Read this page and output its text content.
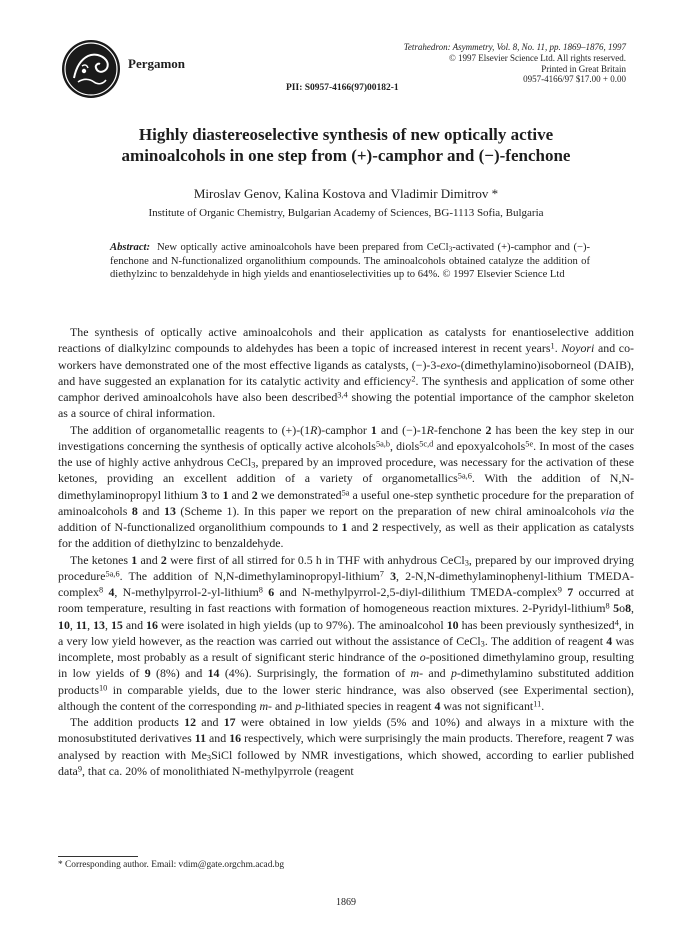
Pergamon
PII: S0957-4166(97)00182-1
Tetrahedron: Asymmetry, Vol. 8, No. 11, pp. 1869–1876, 1997
© 1997 Elsevier Science Ltd. All rights reserved.
Printed in Great Britain
0957-4166/97 $17.00 + 0.00
Highly diastereoselective synthesis of new optically active
aminoalcohols in one step from (+)-camphor and (−)-fenchone
Miroslav Genov, Kalina Kostova and Vladimir Dimitrov *
Institute of Organic Chemistry, Bulgarian Academy of Sciences, BG-1113 Sofia, Bulgaria
Abstract: New optically active aminoalcohols have been prepared from CeCl$_3$-activated (+)-camphor and (−)-fenchone and N-functionalized organolithium compounds. The aminoalcohols obtained catalyze the addition of diethylzinc to benzaldehyde in high yields and enantioselectivities up to 64%. © 1997 Elsevier Science Ltd

The synthesis of optically active aminoalcohols and their application as catalysts for enantioselective addition reactions of dialkylzinc compounds to aldehydes has been a topic of increased interest in recent years$^1$. Noyori and co-workers have demonstrated one of the most effective ligands as catalysts, (−)-3-exo-(dimethylamino)isoborneol (DAIB), and have suggested an explanation for its catalytic activity and efficiency$^2$. The synthesis and application of some other camphor derived aminoalcohols have also been described$^{3,4}$ showing the potential importance of the camphor skeleton as a source of chiral information.

The addition of organometallic reagents to (+)-(1R)-camphor 1 and (−)-1R-fenchone 2 has been the key step in our investigations concerning the synthesis of optically active alcohols$^{5a,b}$, diols$^{5c,d}$ and epoxyalcohols$^{5e}$. In most of the cases the use of highly active anhydrous CeCl$_3$, prepared by an improved procedure, was necessary for the activation of these ketones, providing an excellent addition of a variety of organometallics$^{5a,6}$. With the addition of N,N-dimethylaminopropyl lithium 3 to 1 and 2 we demonstrated$^{5a}$ a useful one-step synthetic procedure for the preparation of aminoalcohols 8 and 13 (Scheme 1). In this paper we report on the preparation of new chiral aminoalcohols via the addition of N-functionalized organolithium compounds to 1 and 2 respectively, as well as their application as catalysts for the addition of diethylzinc to benzaldehyde.

The ketones 1 and 2 were first of all stirred for 0.5 h in THF with anhydrous CeCl$_3$, prepared by our improved drying procedure$^{5a,6}$. The addition of N,N-dimethylaminopropyl-lithium$^7$ 3, 2-N,N-dimethylaminophenyl-lithium TMEDA-complex$^8$ 4, N-methylpyrrol-2-yl-lithium$^8$ 6 and N-methylpyrrol-2,5-diyl-dilithium TMEDA-complex$^9$ 7 occurred at room temperature, resulting in fast reactions with formation of homogeneous reaction mixtures. 2-Pyridyl-lithium$^8$ 5o8, 10, 11, 13, 15 and 16 were isolated in high yields (up to 97%). The aminoalcohol 10 has been previously synthesized$^4$, in a very low yield however, as the reaction was carried out without the assistance of CeCl$_3$. The addition of reagent 4 was incomplete, most probably as a result of significant steric hindrance of the o-positioned dimethylamino group, resulting in low yields of 9 (8%) and 14 (4%). Surprisingly, the formation of m- and p-dimethylamino substituted addition products$^{10}$ in comparable yields, due to the lower steric hindrance, was also observed (see Experimental section), although the content of the corresponding m- and p-lithiated species in reagent 4 was not significant$^{11}$.

The addition products 12 and 17 were obtained in low yields (5% and 10%) and always in a mixture with the monosubstituted derivatives 11 and 16 respectively, which were surprisingly the main products. Therefore, reagent 7 was analysed by reaction with $Me_3SiCl$ followed by NMR investigations, which showed, according to earlier published data$^9$, that ca. 20% of monolithiated N-methylpyrrole (reagent

* Corresponding author. Email: vdim@gate.orgchm.acad.bg
1869
